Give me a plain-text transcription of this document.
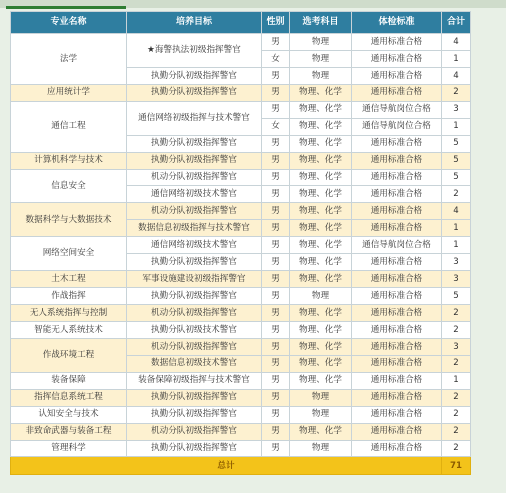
专业名称	培养目标	性别	选考科目	体检标准	合计
法学	★海警执法初级指挥警官	男	物理	通用标准合格	4
		女	物理	通用标准合格	1
	执勤分队初级指挥警官	男	物理	通用标准合格	4
应用统计学	执勤分队初级指挥警官	男	物理、化学	通用标准合格	2
通信工程	通信网络初级指挥与技术警官	男	物理、化学	通信导航岗位合格	3
		女	物理、化学	通信导航岗位合格	1
	执勤分队初级指挥警官	男	物理、化学	通用标准合格	5
计算机科学与技术	执勤分队初级指挥警官	男	物理、化学	通用标准合格	5
信息安全	机动分队初级指挥警官	男	物理、化学	通用标准合格	5
	通信网络初级技术警官	男	物理、化学	通用标准合格	2
数据科学与大数据技术	机动分队初级指挥警官	男	物理、化学	通用标准合格	4
	数据信息初级指挥与技术警官	男	物理、化学	通用标准合格	1
网络空间安全	通信网络初级技术警官	男	物理、化学	通信导航岗位合格	1
	执勤分队初级指挥警官	男	物理、化学	通用标准合格	3
土木工程	军事设施建设初级指挥警官	男	物理、化学	通用标准合格	3
作战指挥	执勤分队初级指挥警官	男	物理	通用标准合格	5
无人系统指挥与控制	机动分队初级指挥警官	男	物理、化学	通用标准合格	2
智能无人系统技术	执勤分队初级技术警官	男	物理、化学	通用标准合格	2
作战环境工程	机动分队初级指挥警官	男	物理、化学	通用标准合格	3
	数据信息初级技术警官	男	物理、化学	通用标准合格	2
装备保障	装备保障初级指挥与技术警官	男	物理、化学	通用标准合格	1
指挥信息系统工程	执勤分队初级指挥警官	男	物理	通用标准合格	2
认知安全与技术	执勤分队初级指挥警官	男	物理	通用标准合格	2
非致命武器与装备工程	机动分队初级指挥警官	男	物理、化学	通用标准合格	2
管理科学	执勤分队初级指挥警官	男	物理	通用标准合格	2
总计					71
